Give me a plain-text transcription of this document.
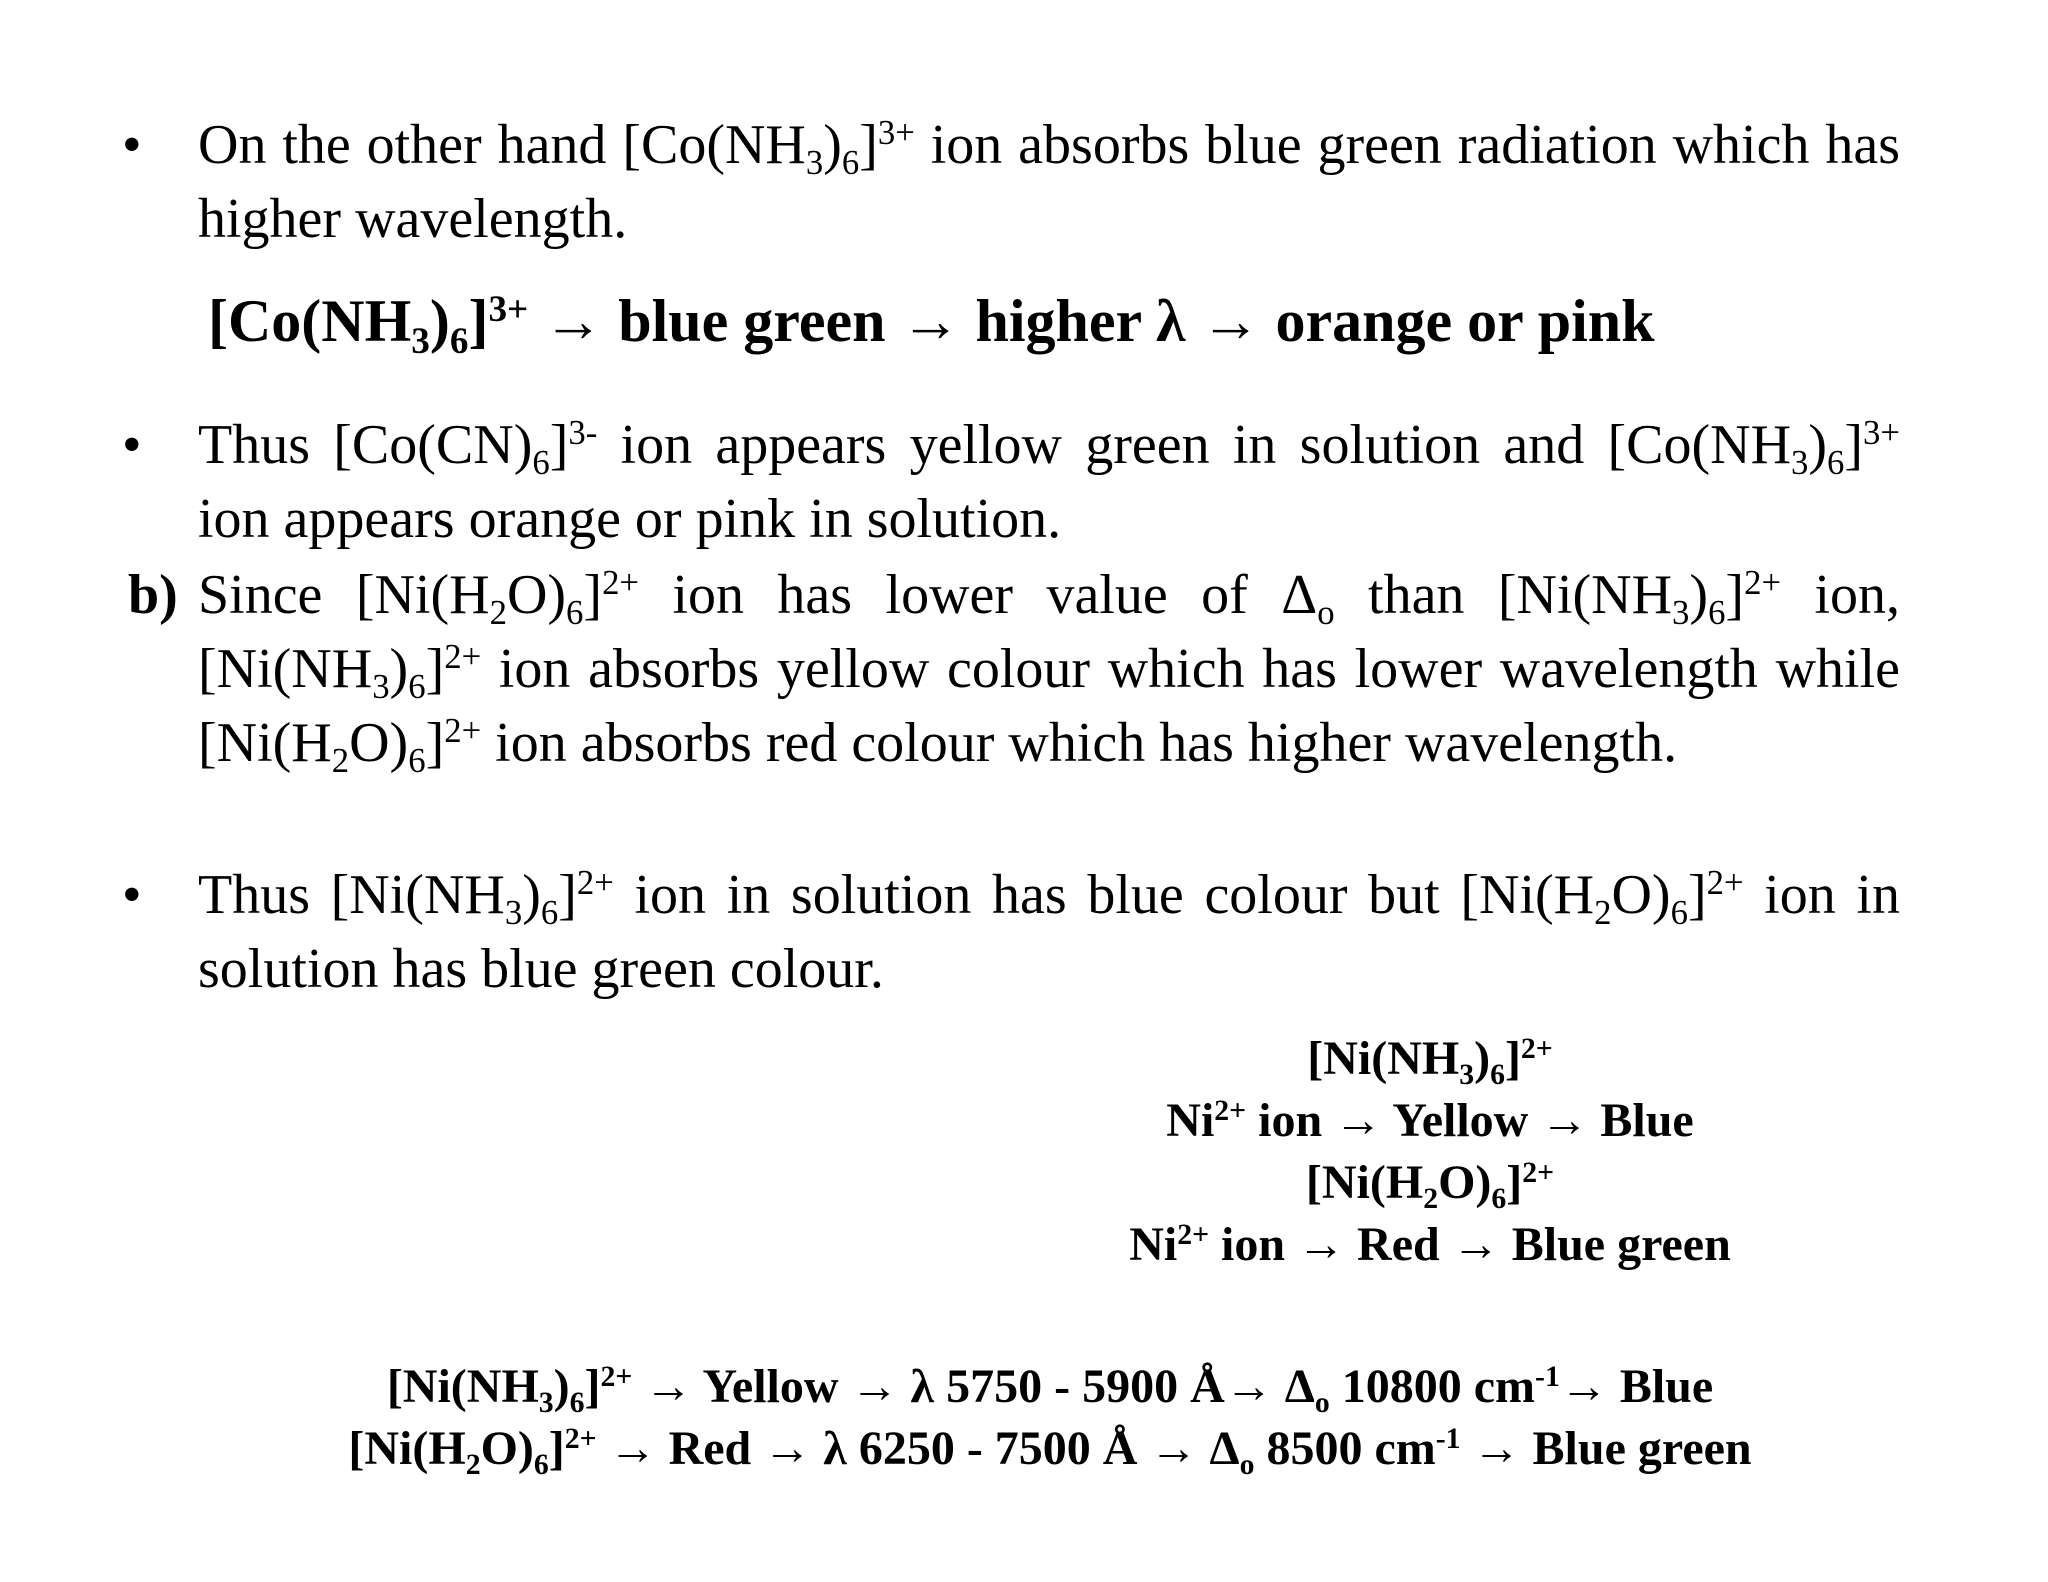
• On the other hand $[Co(NH_3)_6]^{3+}$ ion absorbs blue green radiation which has higher wavelength.
$[Co(NH_3)_6]^{3+}$ → blue green → higher λ → orange or pink
• Thus $[Co(CN)_6]^{3-}$ ion appears yellow green in solution and $[Co(NH_3)_6]^{3+}$ ion appears orange or pink in solution.
b) Since $[Ni(H_2O)_6]^{2+}$ ion has lower value of $\Delta_o$ than $[Ni(NH_3)_6]^{2+}$ ion, $[Ni(NH_3)_6]^{2+}$ ion absorbs yellow colour which has lower wavelength while $[Ni(H_2O)_6]^{2+}$ ion absorbs red colour which has higher wavelength.
• Thus $[Ni(NH_3)_6]^{2+}$ ion in solution has blue colour but $[Ni(H_2O)_6]^{2+}$ ion in solution has blue green colour.
$[Ni(NH_3)_6]^{2+}$
$Ni^{2+}$ ion → Yellow → Blue
$[Ni(H_2O)_6]^{2+}$
$Ni^{2+}$ ion → Red → Blue green
$[Ni(NH_3)_6]^{2+}$ → Yellow → λ 5750 - 5900 Å→ $\Delta_o$ 10800 $cm^{-1}\to$ Blue
$[Ni(H_2O)_6]^{2+}$ → Red → λ 6250 - 7500 Å → $\Delta_o$ 8500 $cm^{-1}$ → Blue green
